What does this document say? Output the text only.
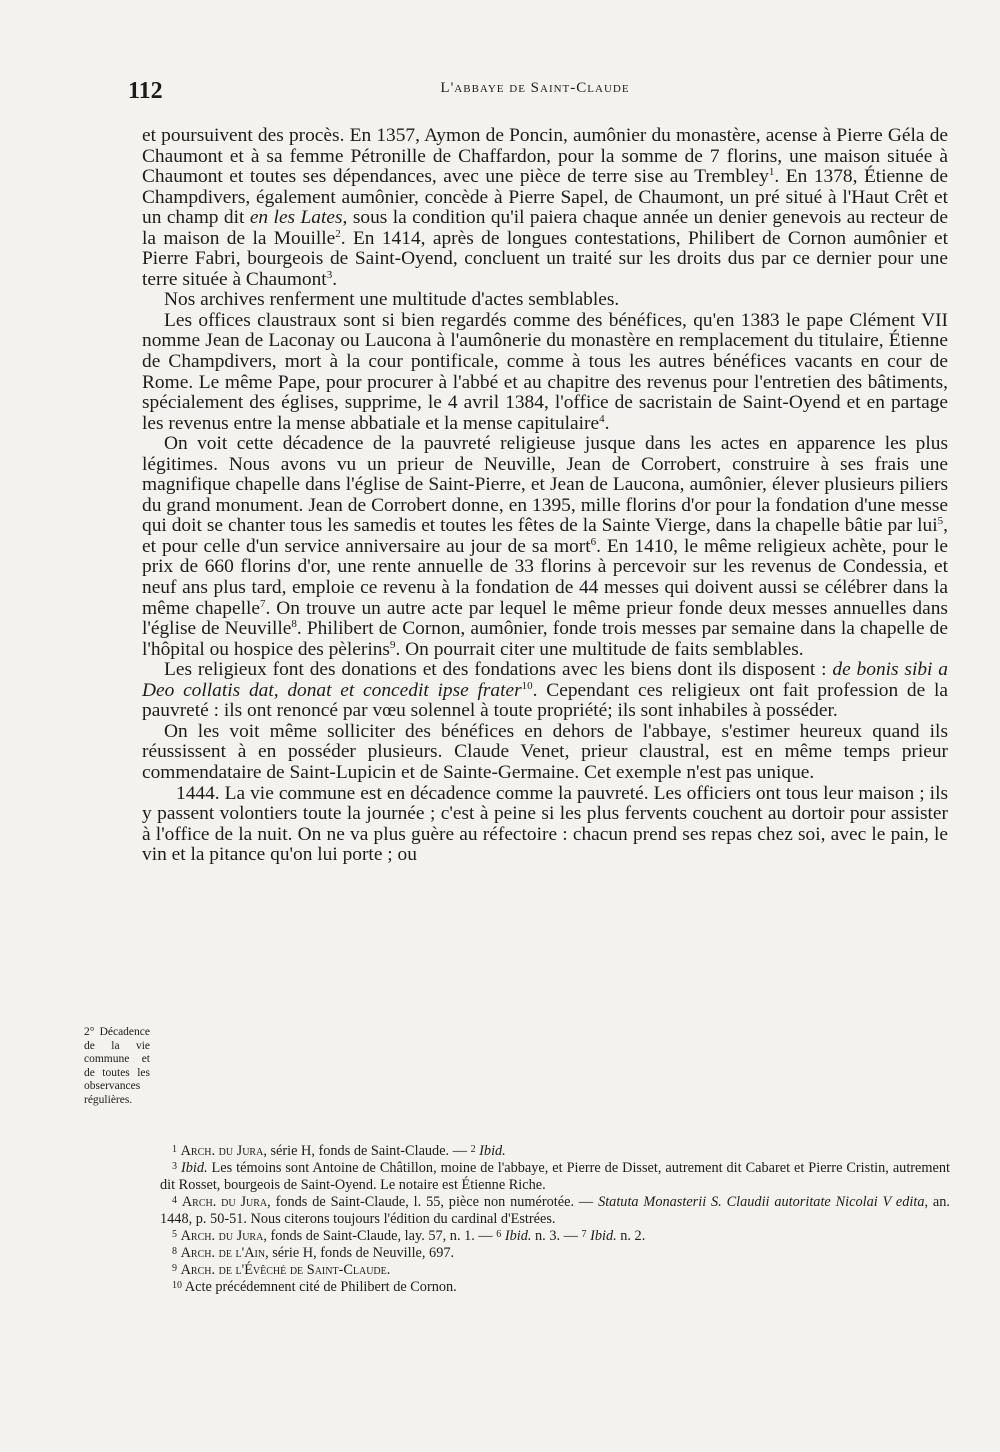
112	L'abbaye de Saint-Claude

et poursuivent des procès. En 1357, Aymon de Poncin, aumônier du monastère, acense à Pierre Géla de Chaumont et à sa femme Pétronille de Chaffardon, pour la somme de 7 florins, une maison située à Chaumont et toutes ses dépendances, avec une pièce de terre sise au Trembley$^1$. En 1378, Étienne de Champdivers, également aumônier, concède à Pierre Sapel, de Chaumont, un pré situé à l'Haut Crêt et un champ dit en les Lates, sous la condition qu'il paiera chaque année un denier genevois au recteur de la maison de la Mouille$^2$. En 1414, après de longues contestations, Philibert de Cornon aumônier et Pierre Fabri, bourgeois de Saint-Oyend, concluent un traité sur les droits dus par ce dernier pour une terre située à Chaumont$^3$.

Nos archives renferment une multitude d'actes semblables.

Les offices claustraux sont si bien regardés comme des bénéfices, qu'en 1383 le pape Clément VII nomme Jean de Laconay ou Laucona à l'aumônerie du monastère en remplacement du titulaire, Étienne de Champdivers, mort à la cour pontificale, comme à tous les autres bénéfices vacants en cour de Rome. Le même Pape, pour procurer à l'abbé et au chapitre des revenus pour l'entretien des bâtiments, spécialement des églises, supprime, le 4 avril 1384, l'office de sacristain de Saint-Oyend et en partage les revenus entre la mense abbatiale et la mense capitulaire$^4$.

On voit cette décadence de la pauvreté religieuse jusque dans les actes en apparence les plus légitimes. Nous avons vu un prieur de Neuville, Jean de Corrobert, construire à ses frais une magnifique chapelle dans l'église de Saint-Pierre, et Jean de Laucona, aumônier, élever plusieurs piliers du grand monument. Jean de Corrobert donne, en 1395, mille florins d'or pour la fondation d'une messe qui doit se chanter tous les samedis et toutes les fêtes de la Sainte Vierge, dans la chapelle bâtie par lui$^5$, et pour celle d'un service anniversaire au jour de sa mort$^6$. En 1410, le même religieux achète, pour le prix de 660 florins d'or, une rente annuelle de 33 florins à percevoir sur les revenus de Condessia, et neuf ans plus tard, emploie ce revenu à la fondation de 44 messes qui doivent aussi se célébrer dans la même chapelle$^7$. On trouve un autre acte par lequel le même prieur fonde deux messes annuelles dans l'église de Neuville$^8$. Philibert de Cornon, aumônier, fonde trois messes par semaine dans la chapelle de l'hôpital ou hospice des pèlerins$^9$. On pourrait citer une multitude de faits semblables.

Les religieux font des donations et des fondations avec les biens dont ils disposent : de bonis sibi a Deo collatis dat, donat et concedit ipse frater$^{10}$. Cependant ces religieux ont fait profession de la pauvreté : ils ont renoncé par vœu solennel à toute propriété; ils sont inhabiles à posséder.

On les voit même solliciter des bénéfices en dehors de l'abbaye, s'estimer heureux quand ils réussissent à en posséder plusieurs. Claude Venet, prieur claustral, est en même temps prieur commendataire de Saint-Lupicin et de Sainte-Germaine. Cet exemple n'est pas unique.

1444. La vie commune est en décadence comme la pauvreté. Les officiers ont tous leur maison ; ils y passent volontiers toute la journée ; c'est à peine si les plus fervents couchent au dortoir pour assister à l'office de la nuit. On ne va plus guère au réfectoire : chacun prend ses repas chez soi, avec le pain, le vin et la pitance qu'on lui porte ; ou

2° Décadence de la vie commune et de toutes les observances régulières.

$^1$ Arch. du Jura, série H, fonds de Saint-Claude. — $^2$ Ibid.

$^3$ Ibid. Les témoins sont Antoine de Châtillon, moine de l'abbaye, et Pierre de Disset, autrement dit Cabaret et Pierre Cristin, autrement dit Rosset, bourgeois de Saint-Oyend. Le notaire est Étienne Riche.

$^4$ Arch. du Jura, fonds de Saint-Claude, l. 55, pièce non numérotée. — Statuta Monasterii S. Claudii autoritate Nicolai V edita, an. 1448, p. 50-51. Nous citerons toujours l'édition du cardinal d'Estrées.

$^5$ Arch. du Jura, fonds de Saint-Claude, lay. 57, n. 1. — $^6$ Ibid. n. 3. — $^7$ Ibid. n. 2.

$^8$ Arch. de l'Ain, série H, fonds de Neuville, 697.

$^9$ Arch. de l'Évêché de Saint-Claude.

$^{10}$ Acte précédemnent cité de Philibert de Cornon.
